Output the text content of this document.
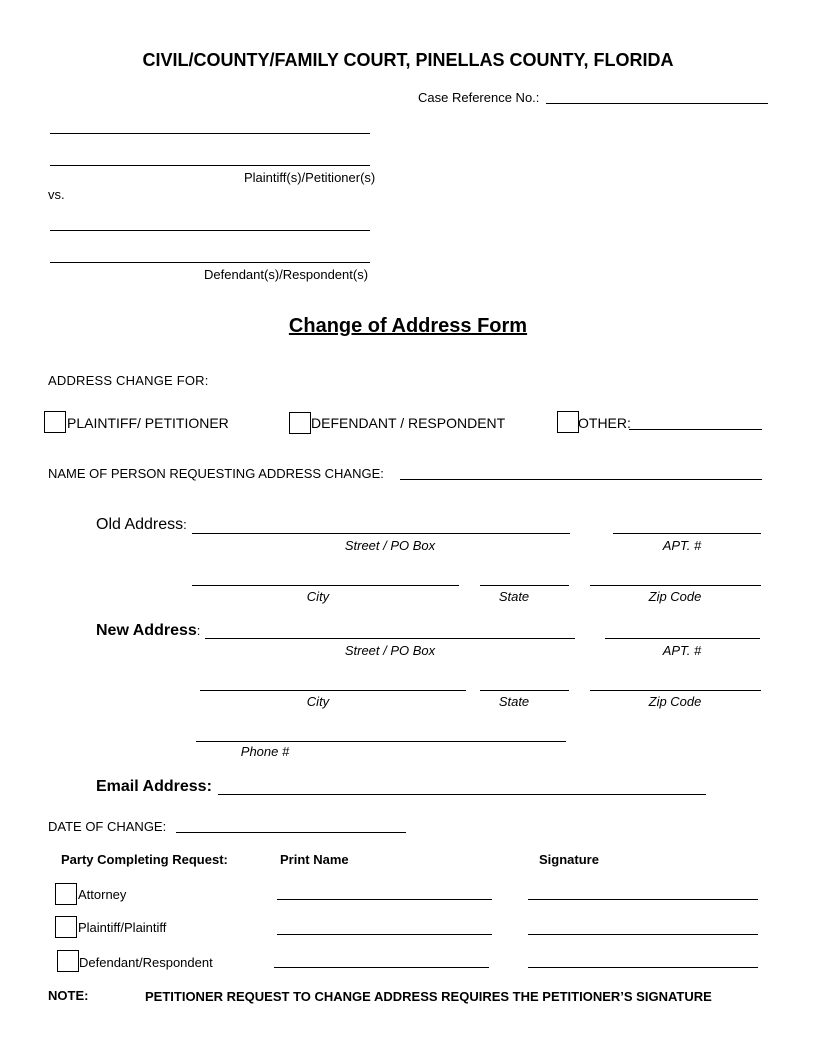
CIVIL/COUNTY/FAMILY COURT, PINELLAS COUNTY, FLORIDA
Case Reference No.:
Plaintiff(s)/Petitioner(s)
vs.
Defendant(s)/Respondent(s)
Change of Address Form
ADDRESS CHANGE FOR:
PLAINTIFF/ PETITIONER	DEFENDANT / RESPONDENT	OTHER:
NAME OF PERSON REQUESTING ADDRESS CHANGE:
Old Address:
Street / PO Box	APT. #
City	State	Zip Code
New Address:
Street / PO Box	APT. #
City	State	Zip Code
Phone #
Email Address:
DATE OF CHANGE:
Party Completing Request:	Print Name	Signature
Attorney
Plaintiff/Plaintiff
Defendant/Respondent
NOTE:	PETITIONER REQUEST TO CHANGE ADDRESS REQUIRES THE PETITIONER’S SIGNATURE
